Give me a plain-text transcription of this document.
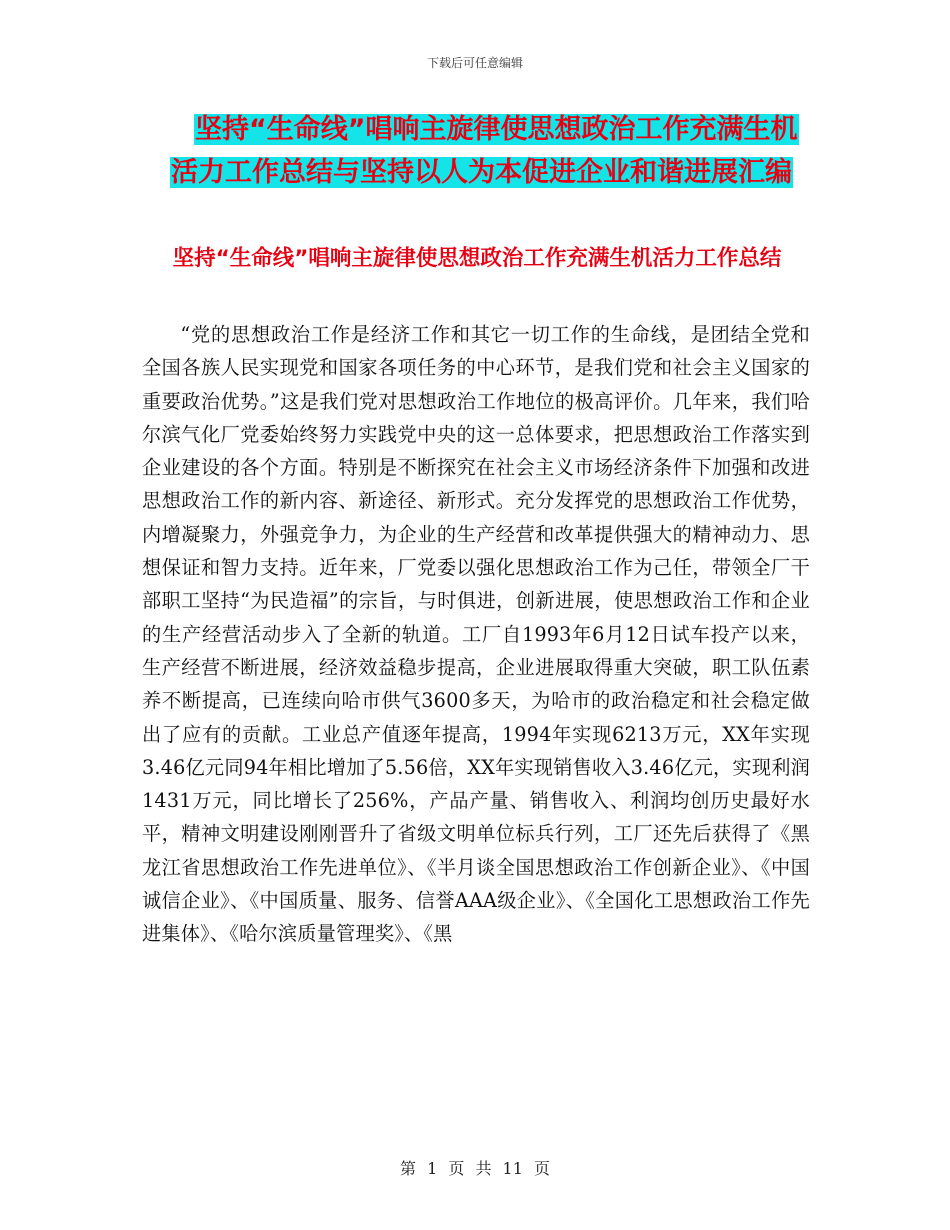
下载后可任意编辑
坚持“生命线”唱响主旋律使思想政治工作充满生机
活力工作总结与坚持以人为本促进企业和谐进展汇编
坚持“生命线”唱响主旋律使思想政治工作充满生机活力工作总结

“党的思想政治工作是经济工作和其它一切工作的生命线，是团结全党和全国各族人民实现党和国家各项任务的中心环节，是我们党和社会主义国家的重要政治优势。”这是我们党对思想政治工作地位的极高评价。几年来，我们哈尔滨气化厂党委始终努力实践党中央的这一总体要求，把思想政治工作落实到企业建设的各个方面。特别是不断探究在社会主义市场经济条件下加强和改进思想政治工作的新内容、新途径、新形式。充分发挥党的思想政治工作优势，内增凝聚力，外强竞争力，为企业的生产经营和改革提供强大的精神动力、思想保证和智力支持。近年来，厂党委以强化思想政治工作为己任，带领全厂干部职工坚持“为民造福”的宗旨，与时俱进，创新进展，使思想政治工作和企业的生产经营活动步入了全新的轨道。工厂自1993年6月12日试车投产以来，生产经营不断进展，经济效益稳步提高，企业进展取得重大突破，职工队伍素养不断提高，已连续向哈市供气3600多天，为哈市的政治稳定和社会稳定做出了应有的贡献。工业总产值逐年提高，1994年实现6213万元，XX年实现3.46亿元同94年相比增加了5.56倍，XX年实现销售收入3.46亿元，实现利润1431万元，同比增长了256%，产品产量、销售收入、利润均创历史最好水平，精神文明建设刚刚晋升了省级文明单位标兵行列，工厂还先后获得了《黑龙江省思想政治工作先进单位》、《半月谈全国思想政治工作创新企业》、《中国诚信企业》、《中国质量、服务、信誉AAA级企业》、《全国化工思想政治工作先进集体》、《哈尔滨质量管理奖》、《黑

第 1 页 共 11 页
